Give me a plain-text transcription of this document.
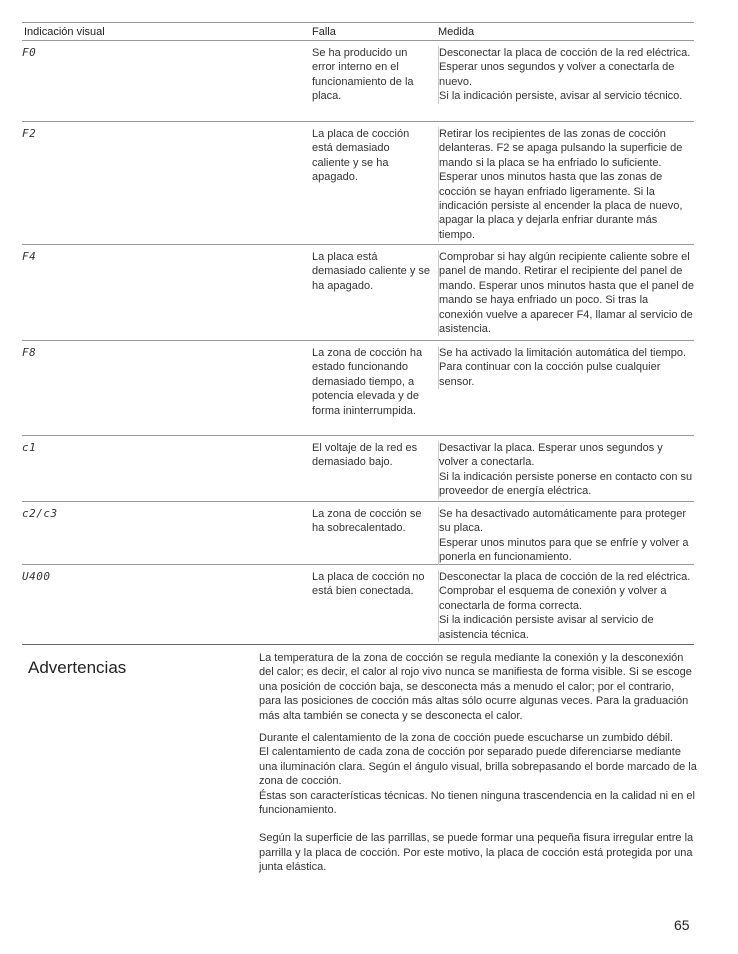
Indicación visual	Falla	Medida
F0	Se ha producido un error interno en el funcionamiento de la placa.
Desconectar la placa de cocción de la red eléctrica. Esperar unos segundos y volver a conectarla de nuevo.
Si la indicación persiste, avisar al servicio técnico.
F2	La placa de cocción está demasiado caliente y se ha apagado.
Retirar los recipientes de las zonas de cocción delanteras. F2 se apaga pulsando la superficie de mando si la placa se ha enfriado lo suficiente. Esperar unos minutos hasta que las zonas de cocción se hayan enfriado ligeramente. Si la indicación persiste al encender la placa de nuevo, apagar la placa y dejarla enfriar durante más tiempo.
F4	La placa está demasiado caliente y se ha apagado.
Comprobar si hay algún recipiente caliente sobre el panel de mando. Retirar el recipiente del panel de mando. Esperar unos minutos hasta que el panel de mando se haya enfriado un poco. Si tras la conexión vuelve a aparecer F4, llamar al servicio de asistencia.
F8	La zona de cocción ha estado funcionando demasiado tiempo, a potencia elevada y de forma ininterrumpida.
Se ha activado la limitación automática del tiempo.
Para continuar con la cocción pulse cualquier sensor.
c1	El voltaje de la red es demasiado bajo.
Desactivar la placa. Esperar unos segundos y volver a conectarla.
Si la indicación persiste ponerse en contacto con su proveedor de energía eléctrica.
c2/c3	La zona de cocción se ha sobrecalentado.
Se ha desactivado automáticamente para proteger su placa.
Esperar unos minutos para que se enfríe y volver a ponerla en funcionamiento.
U400	La placa de cocción no está bien conectada.
Desconectar la placa de cocción de la red eléctrica. Comprobar el esquema de conexión y volver a conectarla de forma correcta.
Si la indicación persiste avisar al servicio de asistencia técnica.
Advertencias	La temperatura de la zona de cocción se regula mediante la conexión y la desconexión del calor; es decir, el calor al rojo vivo nunca se manifiesta de forma visible. Si se escoge una posición de cocción baja, se desconecta más a menudo el calor; por el contrario, para las posiciones de cocción más altas sólo ocurre algunas veces. Para la graduación más alta también se conecta y se desconecta el calor.

Durante el calentamiento de la zona de cocción puede escucharse un zumbido débil.
El calentamiento de cada zona de cocción por separado puede diferenciarse mediante una iluminación clara. Según el ángulo visual, brilla sobrepasando el borde marcado de la zona de cocción.
Éstas son características técnicas. No tienen ninguna trascendencia en la calidad ni en el funcionamiento.

Según la superficie de las parrillas, se puede formar una pequeña fisura irregular entre la parrilla y la placa de cocción. Por este motivo, la placa de cocción está protegida por una junta elástica.

65
